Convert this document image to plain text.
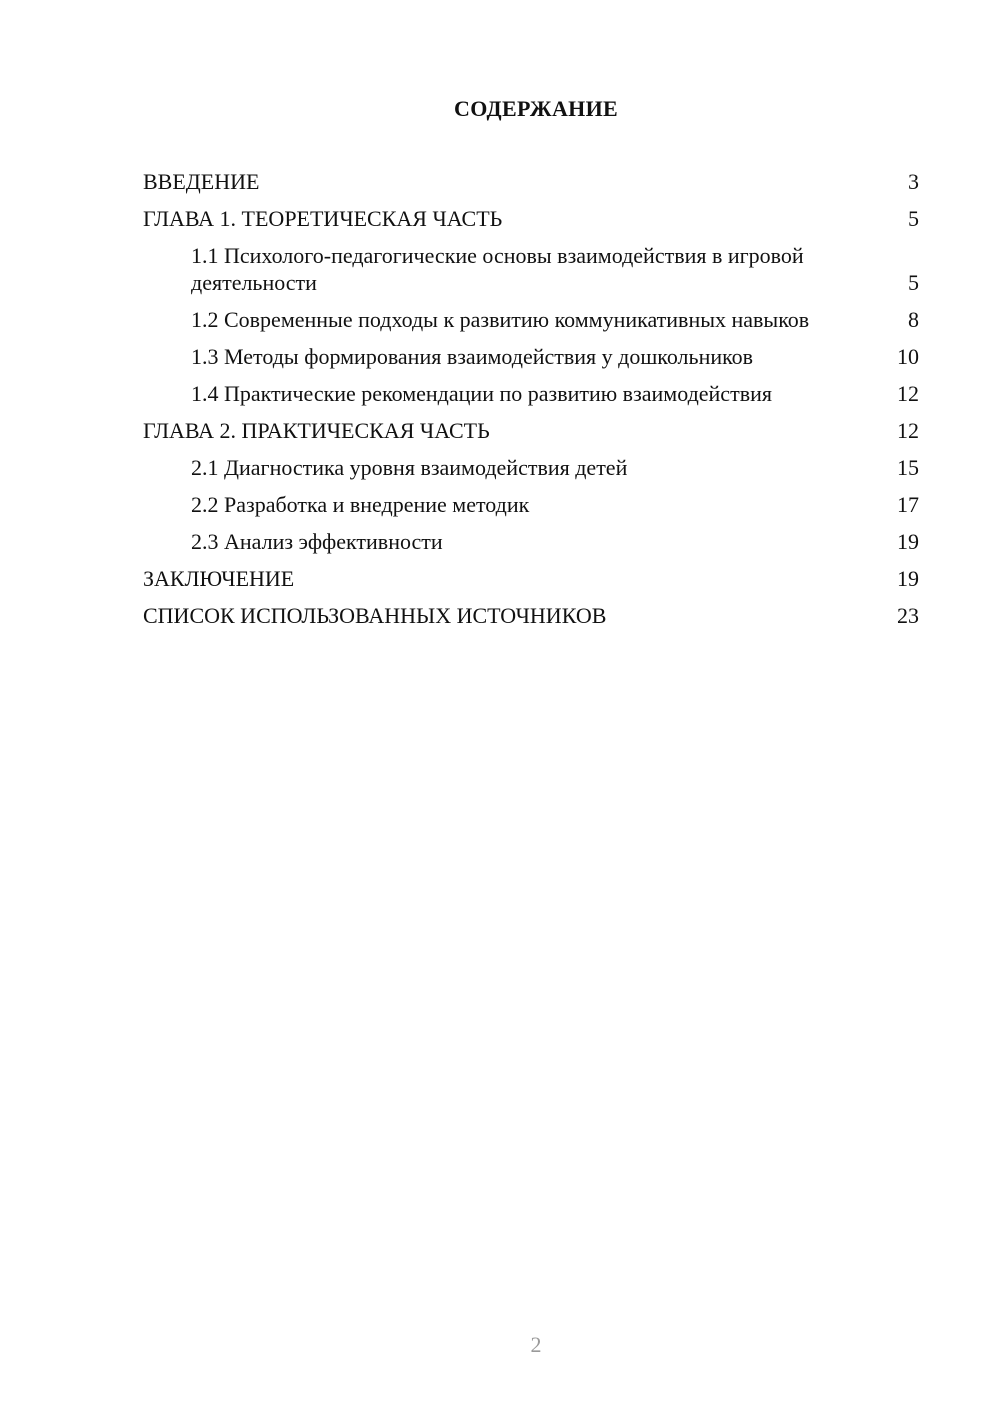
СОДЕРЖАНИЕ
ВВЕДЕНИЕ	3
ГЛАВА 1. ТЕОРЕТИЧЕСКАЯ ЧАСТЬ	5
1.1 Психолого-педагогические основы взаимодействия в игровой деятельности	5
1.2 Современные подходы к развитию коммуникативных навыков	8
1.3 Методы формирования взаимодействия у дошкольников	10
1.4 Практические рекомендации по развитию взаимодействия	12
ГЛАВА 2. ПРАКТИЧЕСКАЯ ЧАСТЬ	12
2.1 Диагностика уровня взаимодействия детей	15
2.2 Разработка и внедрение методик	17
2.3 Анализ эффективности	19
ЗАКЛЮЧЕНИЕ	19
СПИСОК ИСПОЛЬЗОВАННЫХ ИСТОЧНИКОВ	23
2
